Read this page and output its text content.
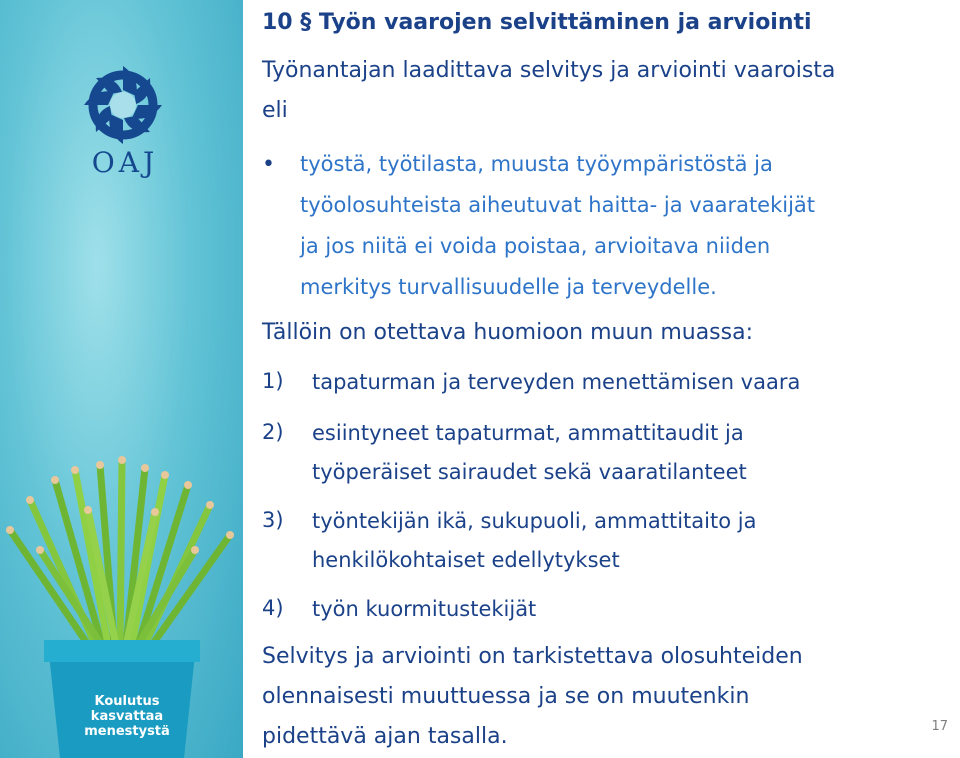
OAJ
Koulutus
kasvattaa
menestystä
10 § Työn vaarojen selvittäminen ja arviointi

Työnantajan laadittava selvitys ja arviointi vaaroista

eli

• työstä, työtilasta, muusta työympäristöstä ja

työolosuhteista aiheutuvat haitta- ja vaaratekijät

ja jos niitä ei voida poistaa, arvioitava niiden

merkitys turvallisuudelle ja terveydelle.

Tällöin on otettava huomioon muun muassa:

1) tapaturman ja terveyden menettämisen vaara

2) esiintyneet tapaturmat, ammattitaudit ja

työperäiset sairaudet sekä vaaratilanteet

3) työntekijän ikä, sukupuoli, ammattitaito ja

henkilökohtaiset edellytykset

4) työn kuormitustekijät

Selvitys ja arviointi on tarkistettava olosuhteiden

olennaisesti muuttuessa ja se on muutenkin

pidettävä ajan tasalla.	17
